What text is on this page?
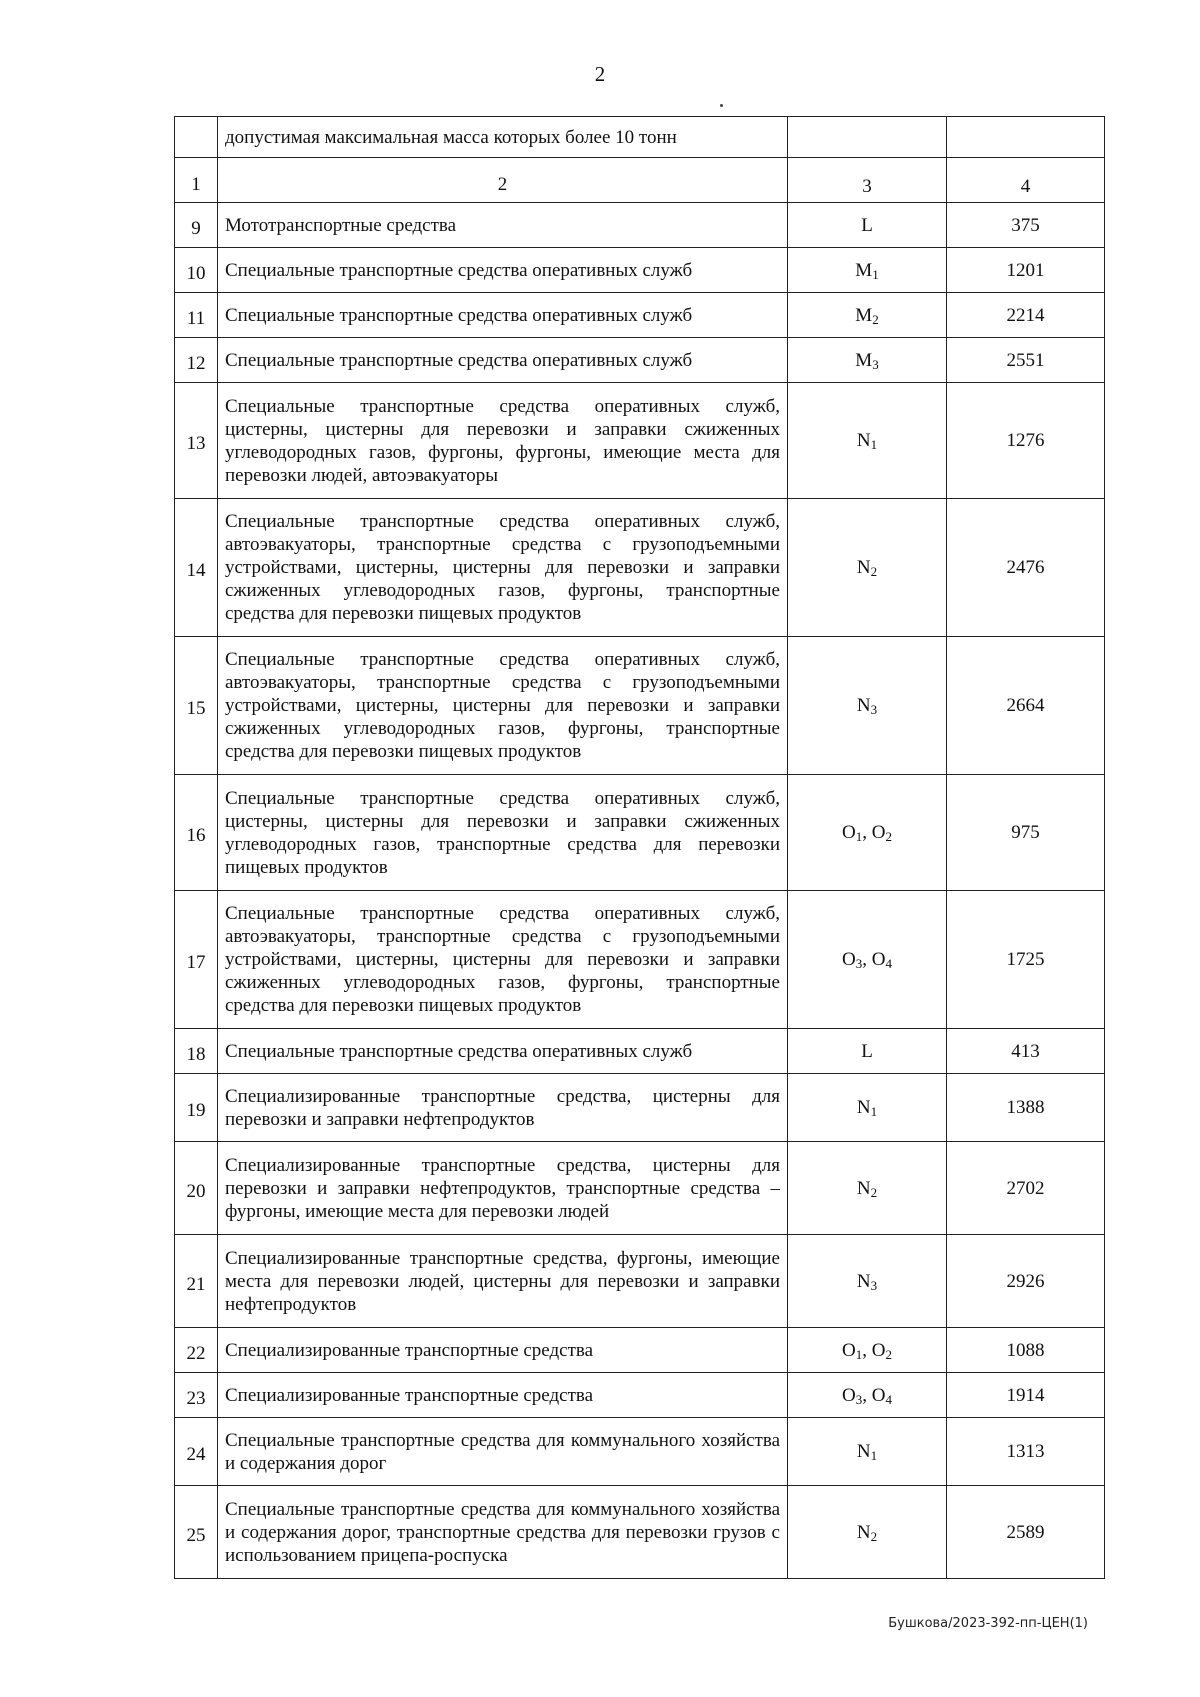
2
	допустимая максимальная масса которых более 10 тонн		
1	2	3	4
9	Мототранспортные средства	L	375
10	Специальные транспортные средства оперативных служб	$M_1$	1201
11	Специальные транспортные средства оперативных служб	$M_2$	2214
12	Специальные транспортные средства оперативных служб	$M_3$	2551
13	Специальные транспортные средства оперативных служб, цистерны, цистерны для перевозки и заправки сжиженных углеводородных газов, фургоны, фургоны, имеющие места для перевозки людей, автоэвакуаторы	$N_1$	1276
14	Специальные транспортные средства оперативных служб, автоэвакуаторы, транспортные средства с грузоподъемными устройствами, цистерны, цистерны для перевозки и заправки сжиженных углеводородных газов, фургоны, транспортные средства для перевозки пищевых продуктов	$N_2$	2476
15	Специальные транспортные средства оперативных служб, автоэвакуаторы, транспортные средства с грузоподъемными устройствами, цистерны, цистерны для перевозки и заправки сжиженных углеводородных газов, фургоны, транспортные средства для перевозки пищевых продуктов	$N_3$	2664
16	Специальные транспортные средства оперативных служб, цистерны, цистерны для перевозки и заправки сжиженных углеводородных газов, транспортные средства для перевозки пищевых продуктов	$O_1$, $O_2$	975
17	Специальные транспортные средства оперативных служб, автоэвакуаторы, транспортные средства с грузоподъемными устройствами, цистерны, цистерны для перевозки и заправки сжиженных углеводородных газов, фургоны, транспортные средства для перевозки пищевых продуктов	$O_3$, $O_4$	1725
18	Специальные транспортные средства оперативных служб	L	413
19	Специализированные транспортные средства, цистерны для перевозки и заправки нефтепродуктов	$N_1$	1388
20	Специализированные транспортные средства, цистерны для перевозки и заправки нефтепродуктов, транспортные средства – фургоны, имеющие места для перевозки людей	$N_2$	2702
21	Специализированные транспортные средства, фургоны, имеющие места для перевозки людей, цистерны для перевозки и заправки нефтепродуктов	$N_3$	2926
22	Специализированные транспортные средства	$O_1$, $O_2$	1088
23	Специализированные транспортные средства	$O_3$, $O_4$	1914
24	Специальные транспортные средства для коммунального хозяйства и содержания дорог	$N_1$	1313
25	Специальные транспортные средства для коммунального хозяйства и содержания дорог, транспортные средства для перевозки грузов с использованием прицепа-роспуска	$N_2$	2589
Бушкова/2023-392-пп-ЦЕН(1)
